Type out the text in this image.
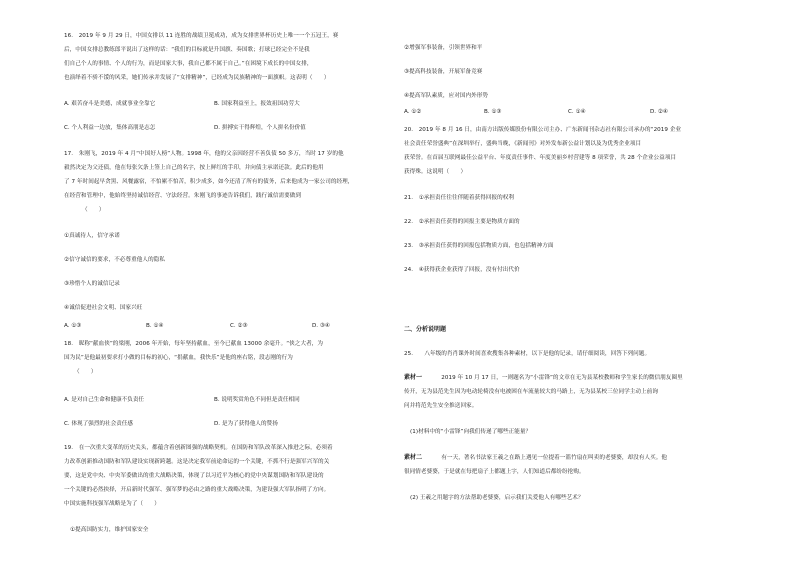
16.　2019 年 9 月 29 日，中国女排以 11 连胜的战绩卫冕成功，成为女排世界杯历史上唯一一个五冠王，赛
后，中国女排总教练郎平说出了这样的话：“我们的目标就是升国旗、奏国歌；打球已经完全不是我
们自己个人的事情、个人的行为，而是国家大事，我自己都不属于自己。”在困境下成长的中国女排，
也演绎着不骄不馁的风采，她们传承并发展了“女排精神”，已经成为民族精神的一面旗帜。这表明（　　）
A. 艰苦奋斗是美德，成就事业全靠它	B. 国家利益至上，报效祖国功劳大
C. 个人利益一边放，集体高朋是志怎	D. 拼搏实干得辉煌，个人拼名份价值
17.　朱刚飞，2019 年 4 月“中国好人榜”人物。1998 年，他的父亲因经营不善负债 50 多万，当时 17 岁的他
毅然决定为父还债，他在每张欠条上签上自己的名字，按上鲜红的手印，并向债主承诺还款。此后的他用
了 7 年时间起早贪黑、风餐露宿，不怕累不怕苦，积少成多，如今还清了所有的债务，后来他成为一家公司的经理，
在经营和管理中，他始终坚持诚信经营、守法经营。朱刚飞的事迹告诉我们，践行诚信需要做到
（　　）
①真诚待人，信守承诺
②信守诚信的要求，不必尊重他人的隐私
③珍惜个人的诚信记录
④诚信促进社会文明、国家兴旺
A. ①③	B. ①④	C. ②③	D. ③④
18.　昵称“献血侠”的梁刚，2006 年开始，每年坚持献血，至今已献血 13000 余毫升。“侠之大者，为
国为民”是他最初要求打小做的目标的初心，“捐献血，我快乐”是他的座右铭，段志刚的行为
（　　）
A. 是对自己生命和健康不负责任	B. 说明奖赏角色不同但是责任相同
C. 体现了强烈的社会责任感	D. 是为了获得他人的赞扬
19.　在一次重大变革的历史关头，都蕴含着创新图强的战略契机。在国防和军队改革深入推进之际，必须着
力改革创新推动国防和军队建设实现新跨越。这是决定我军前途命运的一个关键，不抓不行是强军兴军的关
要，这是党中央、中央军委做出的重大战略决策，体现了以习近平为核心的党中央谋划国防和军队建设的
一个关键的必然抉择，开启新时代强军、强军梦的必由之路的重大战略决策，为建设强大军队指明了方向。
中国实施科技强军战略是为了（　　）
①提高国防实力，维护国家安全
②增强军事装备，引领世界和平
③提高科技装备，开展军备竞赛
④提高军队素质，应对国内外形势
A. ①②	B. ①③	C. ①④	D. ②④
20.　2019 年 8 月 16 日，由南方出版传媒股份有限公司主办、广东新闻刊杂志社有限公司承办的“2019 企业
社会责任荣誉盛典”在深圳举行，盛典当晚，《新闻刊》对外发布新公益计划以及为优秀企业项目
获荣誉。在首届互联网最佳公益平台、年度责任事件、年度美丽乡村营建等 8 项荣誉，共 28 个企业公益项目
获得殊。这说明（　　）
21.　①承担责任往往伴随着获得回报的权利
22.　②承担责任获得的回报主要是物质方面的
23.　③承担责任获得的回报包括物质方面，也包括精神方面
24.　④获得获企业获得了回报，没有付出代价
二、分析说明题
25.　　八年级的肖肖课外时间喜欢搜集各种素材，以下是他的记录，请仔细阅读，回答下列问题。
素材一 　　2019 年 10 月 17 日，一则题名为“小雷锋”的文章在无为县某校教师和学生家长的微信朋友圈里
传开，无为县范先生因为电动轮椅没有电被困在车流量较大的马路上，无为县某校三位同学主动上前询
问并将范先生安全推送回家。
(1)材料中的“小雷锋”向我们传递了哪些正能量？
素材二 　　有一天，著名书法家王羲之在路上遇见一位提着一篮竹扇在叫卖的老婆婆，却没有人买。他
很同情老婆婆，于是就在每把扇子上都题上字，人们知道后都纷纷抢购。
(2) 王羲之用题字的方法帮助老婆婆，启示我们关爱他人有哪些艺术？
